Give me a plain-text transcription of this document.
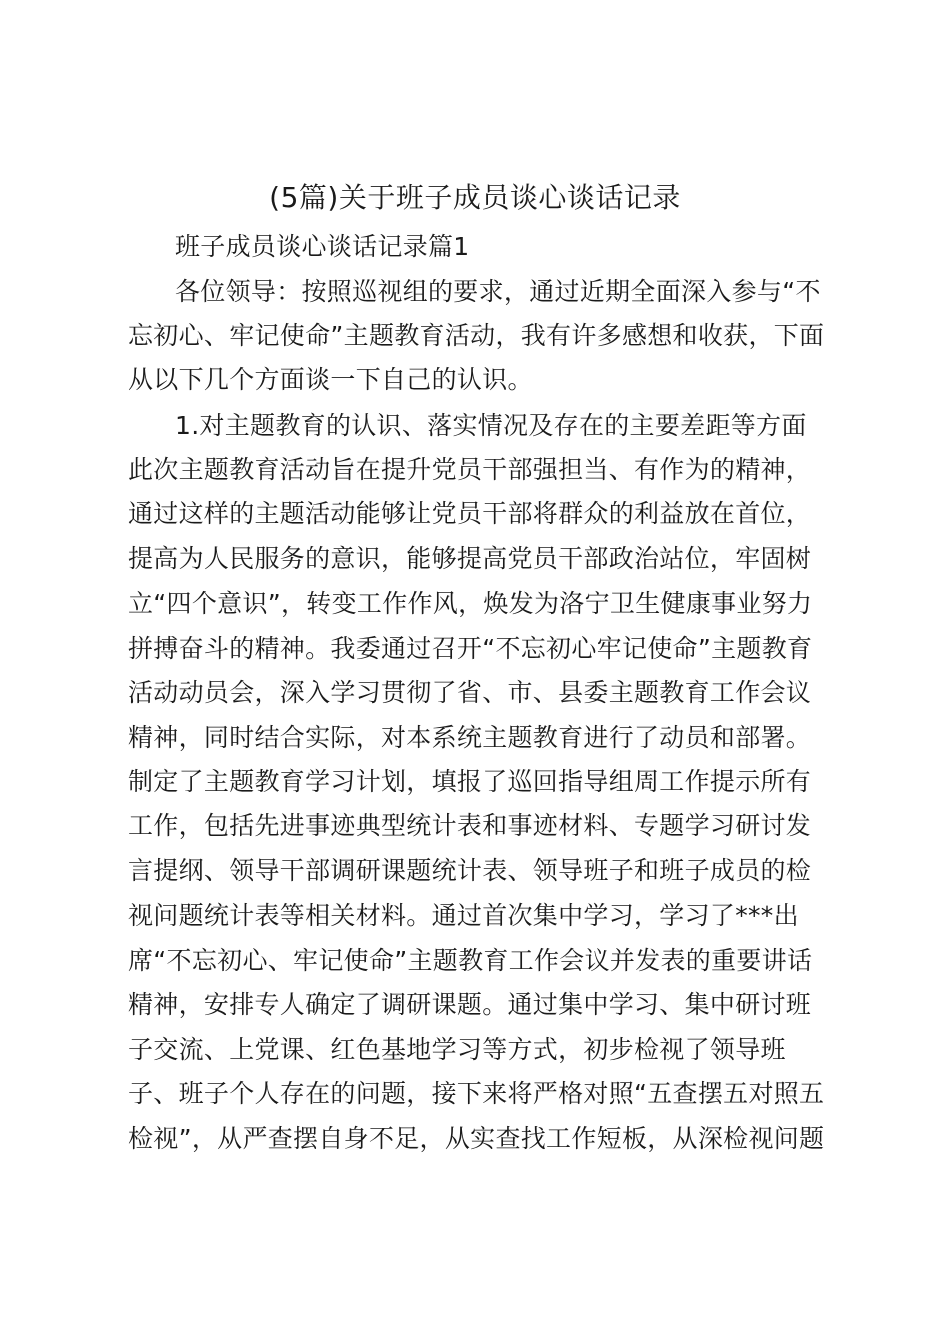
(5篇)关于班子成员谈心谈话记录
班子成员谈心谈话记录篇1
各位领导：按照巡视组的要求，通过近期全面深入参与“不
忘初心、牢记使命”主题教育活动，我有许多感想和收获，下面
从以下几个方面谈一下自己的认识。
1.对主题教育的认识、落实情况及存在的主要差距等方面
此次主题教育活动旨在提升党员干部强担当、有作为的精神，
通过这样的主题活动能够让党员干部将群众的利益放在首位，
提高为人民服务的意识，能够提高党员干部政治站位，牢固树
立“四个意识”，转变工作作风，焕发为洛宁卫生健康事业努力
拼搏奋斗的精神。我委通过召开“不忘初心牢记使命”主题教育
活动动员会，深入学习贯彻了省、市、县委主题教育工作会议
精神，同时结合实际，对本系统主题教育进行了动员和部署。
制定了主题教育学习计划，填报了巡回指导组周工作提示所有
工作，包括先进事迹典型统计表和事迹材料、专题学习研讨发
言提纲、领导干部调研课题统计表、领导班子和班子成员的检
视问题统计表等相关材料。通过首次集中学习，学习了***出
席“不忘初心、牢记使命”主题教育工作会议并发表的重要讲话
精神，安排专人确定了调研课题。通过集中学习、集中研讨班
子交流、上党课、红色基地学习等方式，初步检视了领导班
子、班子个人存在的问题，接下来将严格对照“五查摆五对照五
检视”，从严查摆自身不足，从实查找工作短板，从深检视问题
